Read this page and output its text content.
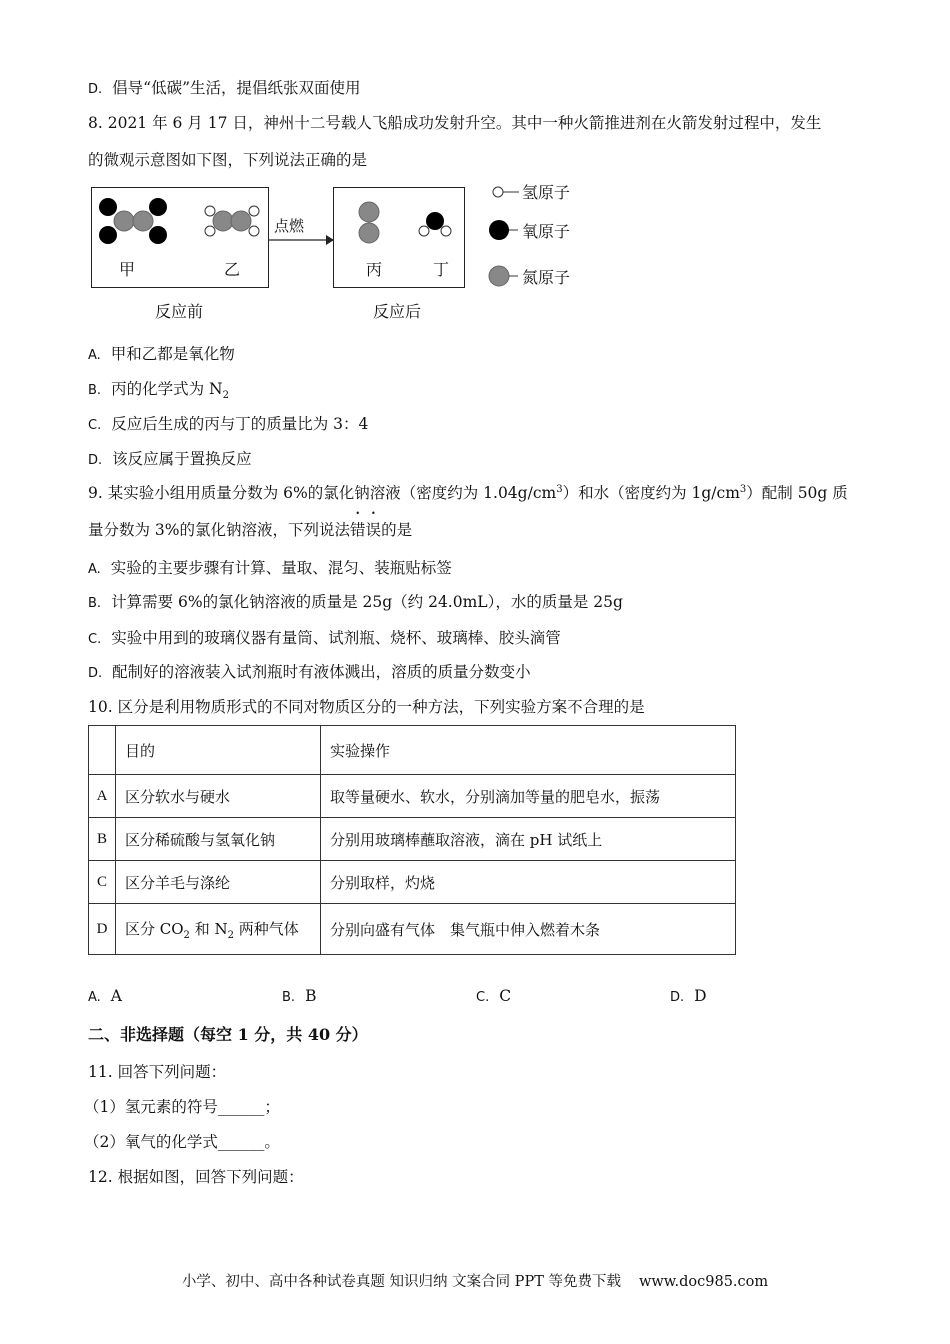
D. 倡导“低碳”生活，提倡纸张双面使用
8. 2021 年 6 月 17 日，神州十二号载人飞船成功发射升空。其中一种火箭推进剂在火箭发射过程中，发生
的微观示意图如下图，下列说法正确的是
甲	乙
点燃
丙	丁
反应前	反应后
氢原子
氧原子
氮原子
A. 甲和乙都是氧化物
B. 丙的化学式为 $N_2$
C. 反应后生成的丙与丁的质量比为 3：4
D. 该反应属于置换反应
9. 某实验小组用质量分数为 6%的氯化钠溶液（密度约为 $1.04g/cm^3$）和水（密度约为 $1g/cm^3$）配制 50g 质
量分数为 3%的氯化钠溶液，下列说法错误的是
A. 实验的主要步骤有计算、量取、混匀、装瓶贴标签
B. 计算需要 6%的氯化钠溶液的质量是 25g（约 24.0mL），水的质量是 25g
C. 实验中用到的玻璃仪器有量筒、试剂瓶、烧杯、玻璃棒、胶头滴管
D. 配制好的溶液装入试剂瓶时有液体溅出，溶质的质量分数变小
10. 区分是利用物质形式的不同对物质区分的一种方法，下列实验方案不合理的是
	目的	实验操作
A	区分软水与硬水	取等量硬水、软水，分别滴加等量的肥皂水，振荡
B	区分稀硫酸与氢氧化钠	分别用玻璃棒蘸取溶液，滴在 pH 试纸上
C	区分羊毛与涤纶	分别取样，灼烧
D	区分 $CO_2$ 和 $N_2$ 两种气体	分别向盛有气体　集气瓶中伸入燃着木条
A. A	B. B	C. C	D. D
二、非选择题（每空 1 分，共 40 分）
11. 回答下列问题：
（1）氢元素的符号______；
（2）氧气的化学式______。
12. 根据如图，回答下列问题：
小学、初中、高中各种试卷真题 知识归纳 文案合同 PPT 等免费下载 www.doc985.com
